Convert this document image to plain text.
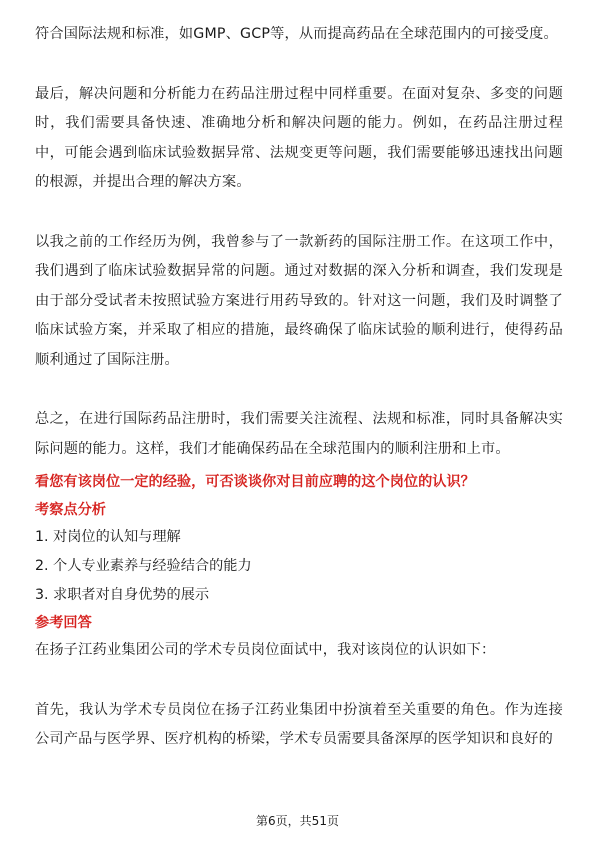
符合国际法规和标准，如GMP、GCP等，从而提高药品在全球范围内的可接受度。

最后，解决问题和分析能力在药品注册过程中同样重要。在面对复杂、多变的问题时，我们需要具备快速、准确地分析和解决问题的能力。例如，在药品注册过程中，可能会遇到临床试验数据异常、法规变更等问题，我们需要能够迅速找出问题的根源，并提出合理的解决方案。

以我之前的工作经历为例，我曾参与了一款新药的国际注册工作。在这项工作中，我们遇到了临床试验数据异常的问题。通过对数据的深入分析和调查，我们发现是由于部分受试者未按照试验方案进行用药导致的。针对这一问题，我们及时调整了临床试验方案，并采取了相应的措施，最终确保了临床试验的顺利进行，使得药品顺利通过了国际注册。

总之，在进行国际药品注册时，我们需要关注流程、法规和标准，同时具备解决实际问题的能力。这样，我们才能确保药品在全球范围内的顺利注册和上市。

看您有该岗位一定的经验，可否谈谈你对目前应聘的这个岗位的认识？

考察点分析

1. 对岗位的认知与理解

2. 个人专业素养与经验结合的能力

3. 求职者对自身优势的展示

参考回答

在扬子江药业集团公司的学术专员岗位面试中，我对该岗位的认识如下：

首先，我认为学术专员岗位在扬子江药业集团中扮演着至关重要的角色。作为连接公司产品与医学界、医疗机构的桥梁，学术专员需要具备深厚的医学知识和良好的

第6页，共51页
